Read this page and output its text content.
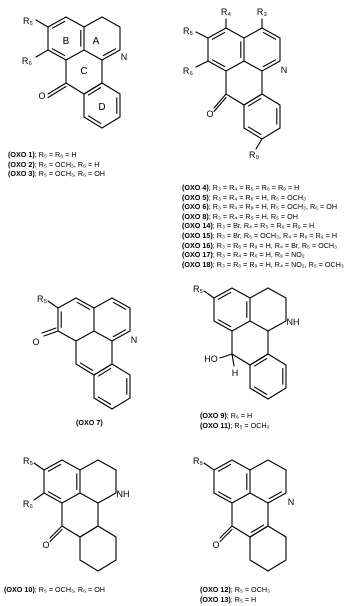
R₅
R₆	N
O
A
B
C
D
R₄	R₃
R₅
R₆	N
O
R₉
R₅
O	N
R₅
NH
HO
H
R₅
R₆
NH
O
R₅
N
O
(OXO 1); R₅ = R₆ = H
(OXO 2); R₅ = OCH₃, R₆ = H
(OXO 3); R₅ = OCH₃, R₆ = OH
(OXO 4); R₃ = R₄ = R₅ = R₆ = R₉ = H
(OXO 5); R₃ = R₄ = R₆ = H, R₅ = OCH₃
(OXO 6); R₃ = R₄ = R₉ = H, R₅ = OCH₃, R₆ = OH
(OXO 8); R₃ = R₄ = R₅ = H, R₅ = OH
(OXO 14); R₃ = Br, R₄ = R₅ = R₆ = R₉ = H
(OXO 15); R₃ = Br, R₅ = OCH₃, R₄ = R₆ = R₉ = H
(OXO 16); R₃ = R₆ = R₉ = H, R₄ = Br, R₅ = OCH₃
(OXO 17); R₃ = R₄ = R₆ = H, R₉ = NO₂
(OXO 18); R₃ = R₆ = R₉ = H, R₄ = NO₂, R₅ = OCH₃
(OXO 7)
(OXO 9); R₆ = H
(OXO 11); R₅ = OCH₃
(OXO 10); R₅ = OCH₃, R₆ = OH	(OXO 12); R₅ = OCH₃
(OXO 13); R₅ = H
